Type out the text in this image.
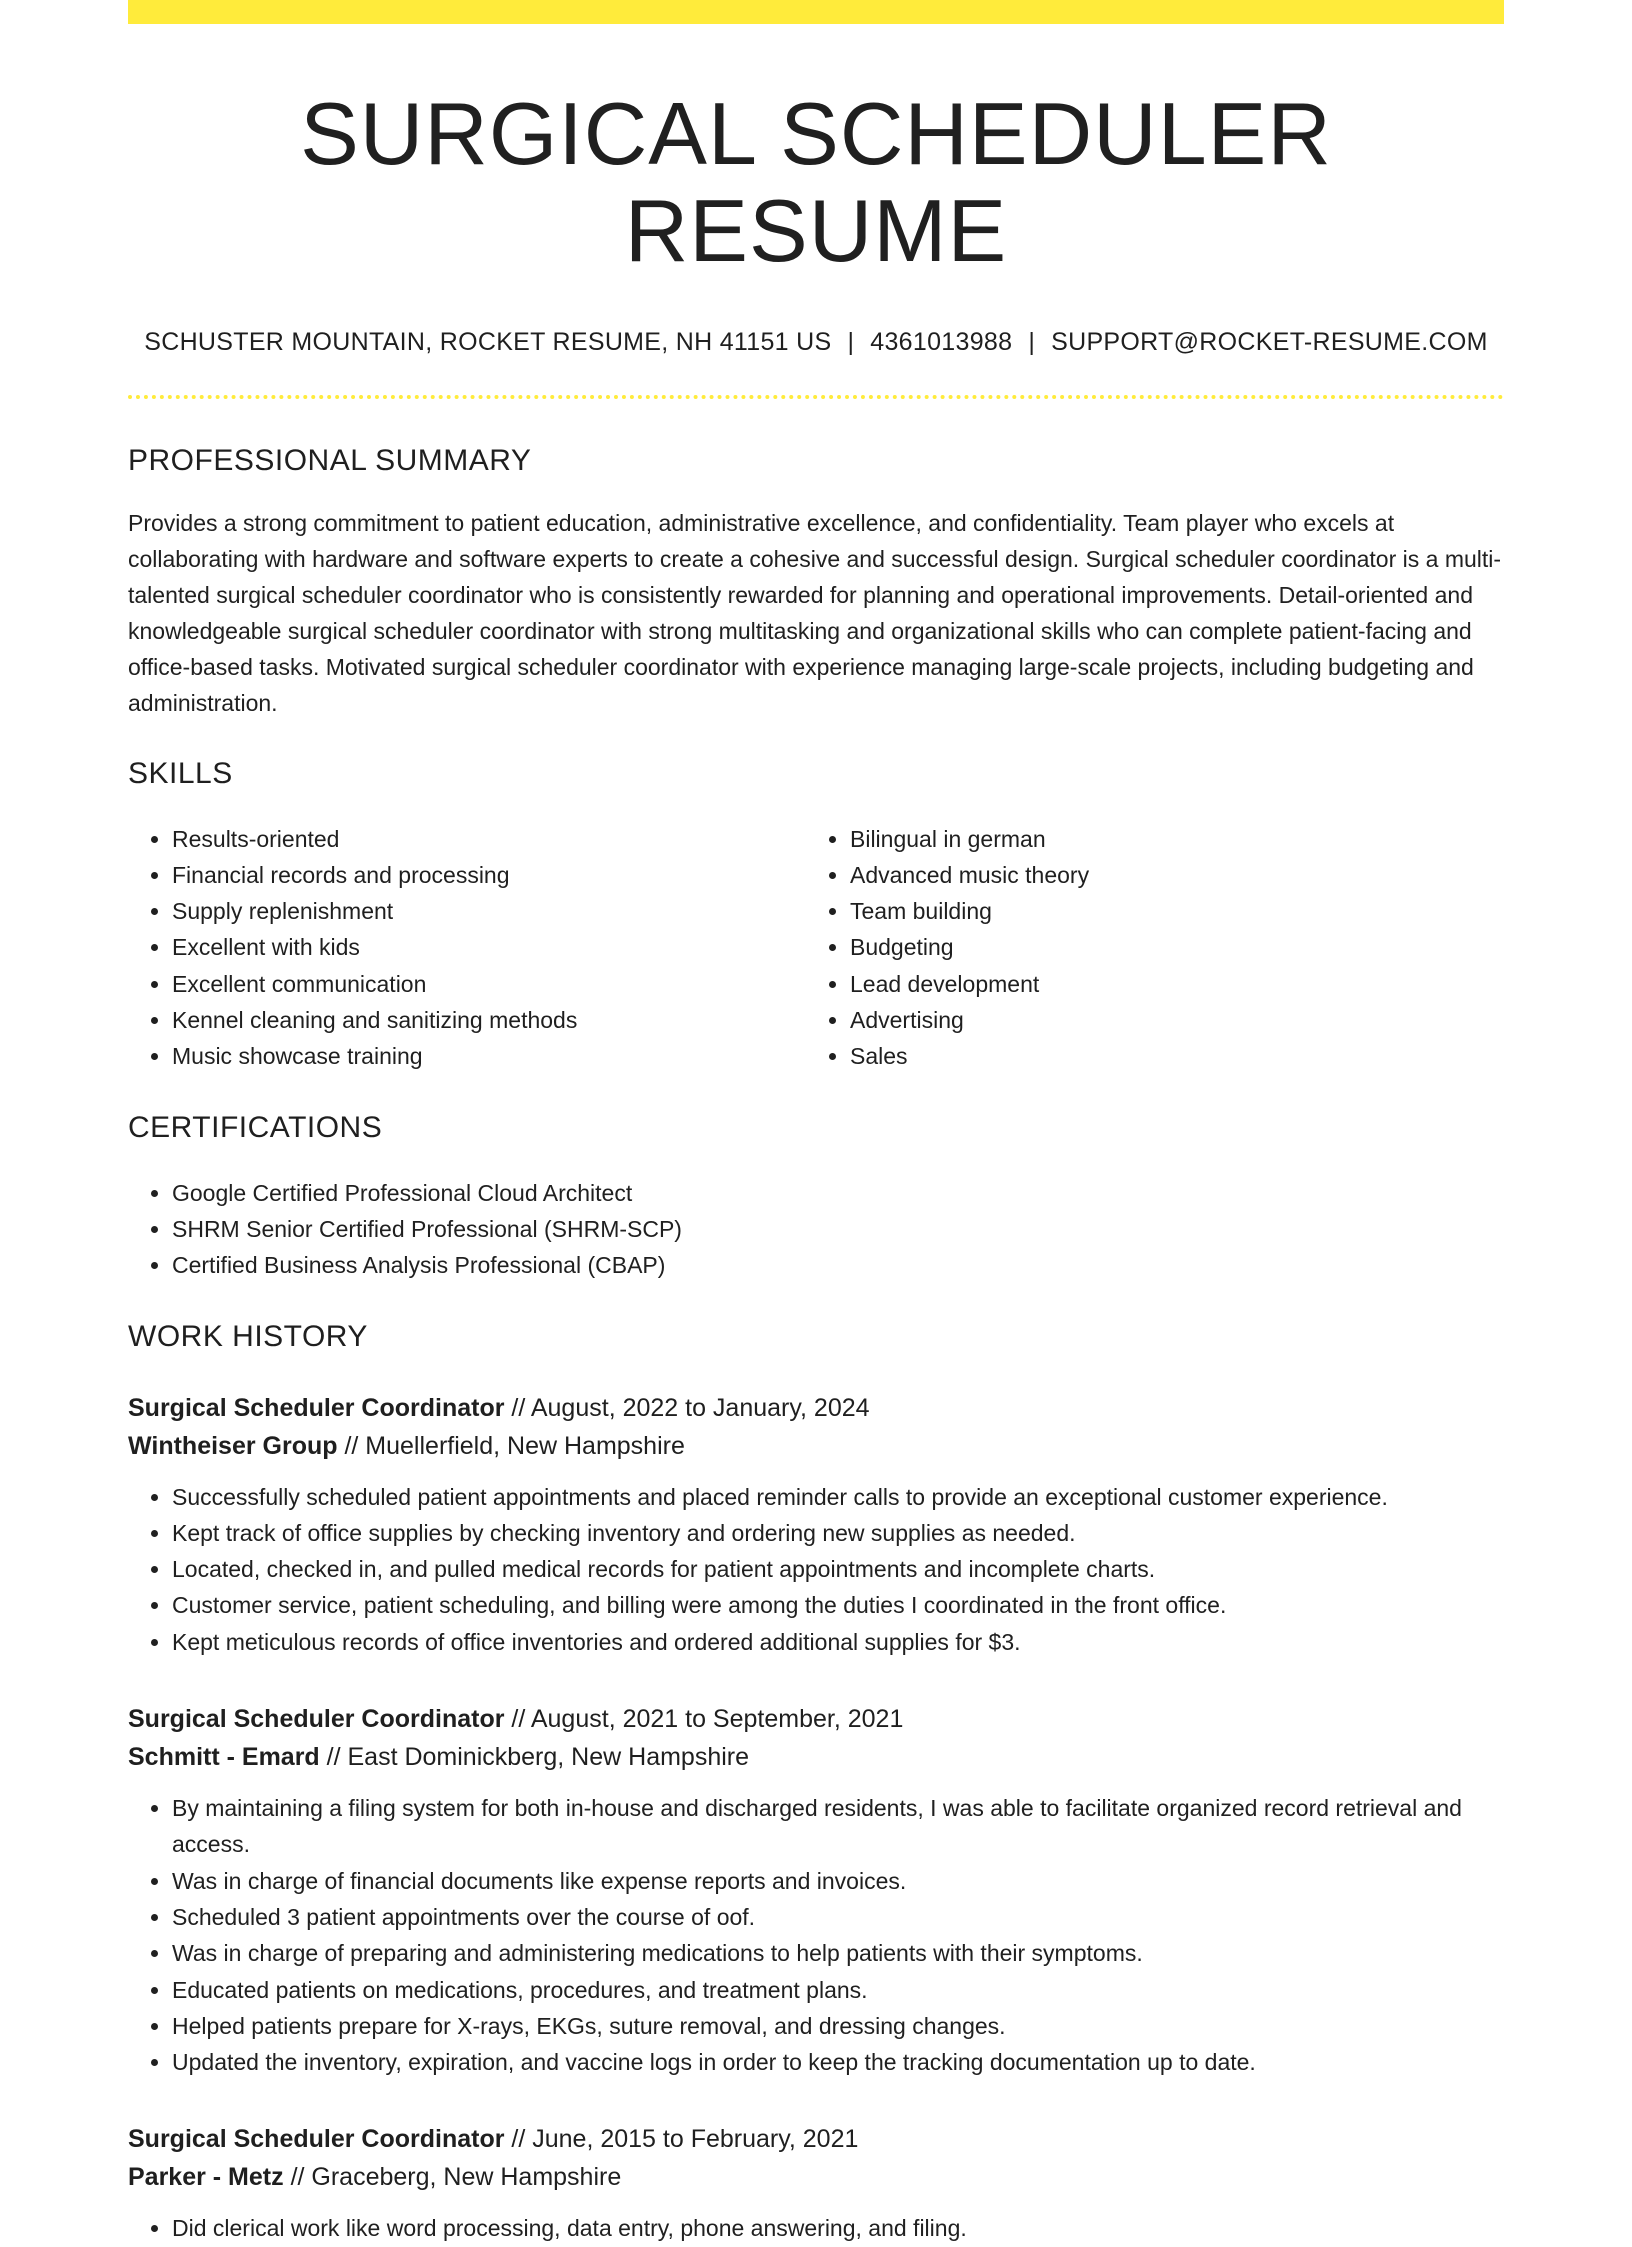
SURGICAL SCHEDULER RESUME
SCHUSTER MOUNTAIN, ROCKET RESUME, NH 41151 US | 4361013988 | SUPPORT@ROCKET-RESUME.COM
PROFESSIONAL SUMMARY

Provides a strong commitment to patient education, administrative excellence, and confidentiality. Team player who excels at collaborating with hardware and software experts to create a cohesive and successful design. Surgical scheduler coordinator is a multi-talented surgical scheduler coordinator who is consistently rewarded for planning and operational improvements. Detail-oriented and knowledgeable surgical scheduler coordinator with strong multitasking and organizational skills who can complete patient-facing and office-based tasks. Motivated surgical scheduler coordinator with experience managing large-scale projects, including budgeting and administration.

SKILLS
• Results-oriented
• Financial records and processing
• Supply replenishment
• Excellent with kids
• Excellent communication
• Kennel cleaning and sanitizing methods
• Music showcase training
• Bilingual in german
• Advanced music theory
• Team building
• Budgeting
• Lead development
• Advertising
• Sales
CERTIFICATIONS
• Google Certified Professional Cloud Architect
• SHRM Senior Certified Professional (SHRM-SCP)
• Certified Business Analysis Professional (CBAP)
WORK HISTORY
Surgical Scheduler Coordinator // August, 2022 to January, 2024
Wintheiser Group // Muellerfield, New Hampshire
• Successfully scheduled patient appointments and placed reminder calls to provide an exceptional customer experience.
• Kept track of office supplies by checking inventory and ordering new supplies as needed.
• Located, checked in, and pulled medical records for patient appointments and incomplete charts.
• Customer service, patient scheduling, and billing were among the duties I coordinated in the front office.
• Kept meticulous records of office inventories and ordered additional supplies for $3.
Surgical Scheduler Coordinator // August, 2021 to September, 2021
Schmitt - Emard // East Dominickberg, New Hampshire
• By maintaining a filing system for both in-house and discharged residents, I was able to facilitate organized record retrieval and access.
• Was in charge of financial documents like expense reports and invoices.
• Scheduled 3 patient appointments over the course of oof.
• Was in charge of preparing and administering medications to help patients with their symptoms.
• Educated patients on medications, procedures, and treatment plans.
• Helped patients prepare for X-rays, EKGs, suture removal, and dressing changes.
• Updated the inventory, expiration, and vaccine logs in order to keep the tracking documentation up to date.
Surgical Scheduler Coordinator // June, 2015 to February, 2021
Parker - Metz // Graceberg, New Hampshire
• Did clerical work like word processing, data entry, phone answering, and filing.
